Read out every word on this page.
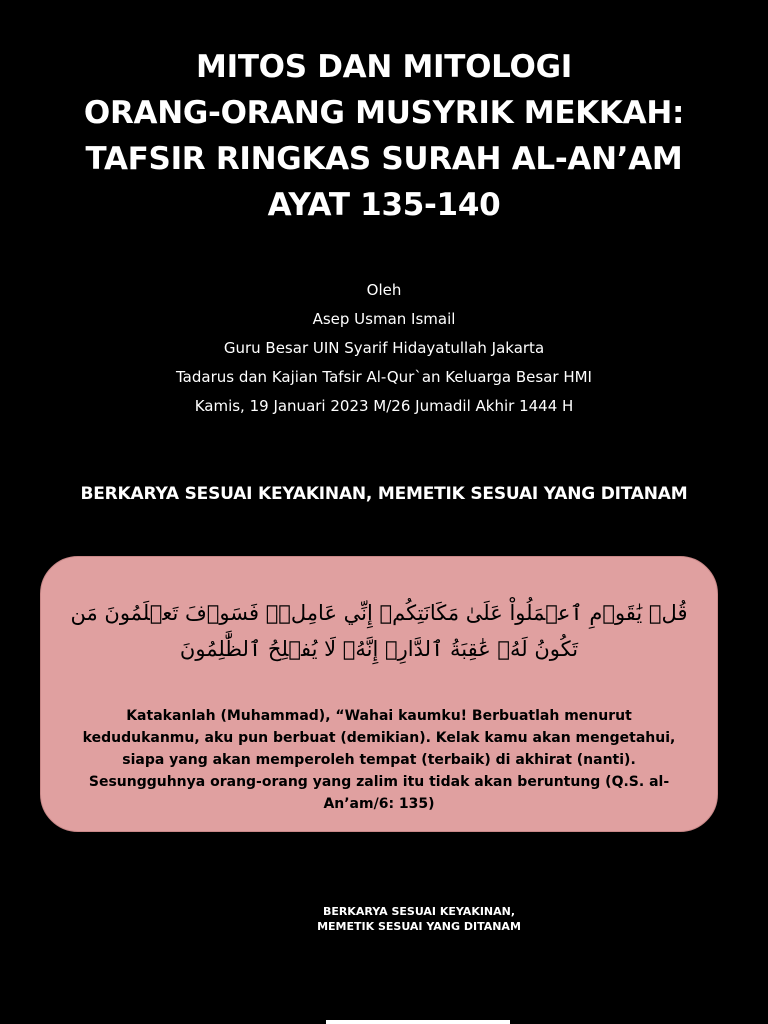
MITOS DAN MITOLOGI
ORANG-ORANG MUSYRIK MEKKAH:
TAFSIR RINGKAS SURAH AL-AN’AM
AYAT 135-140
Oleh
Asep Usman Ismail
Guru Besar UIN Syarif Hidayatullah Jakarta
Tadarus dan Kajian Tafsir Al-Qur`an Keluarga Besar HMI
Kamis, 19 Januari 2023 M/26 Jumadil Akhir 1444 H
BERKARYA SESUAI KEYAKINAN, MEMETIK SESUAI YANG DITANAM

قُلۡ يَٰقَوۡمِ ٱعۡمَلُواْ عَلَىٰ مَكَانَتِكُمۡ إِنِّي عَامِلٞۖ فَسَوۡفَ تَعۡلَمُونَ مَن تَكُونُ لَهُۥ عَٰقِبَةُ ٱلدَّارِۚ إِنَّهُۥ لَا يُفۡلِحُ ٱلظَّٰلِمُونَ

Katakanlah (Muhammad), “Wahai kaumku! Berbuatlah menurut kedudukanmu, aku pun berbuat (demikian). Kelak kamu akan mengetahui, siapa yang akan memperoleh tempat (terbaik) di akhirat (nanti). Sesungguhnya orang-orang yang zalim itu tidak akan beruntung (Q.S. al-An’am/6: 135)

BERKARYA SESUAI KEYAKINAN,
MEMETIK SESUAI YANG DITANAM
